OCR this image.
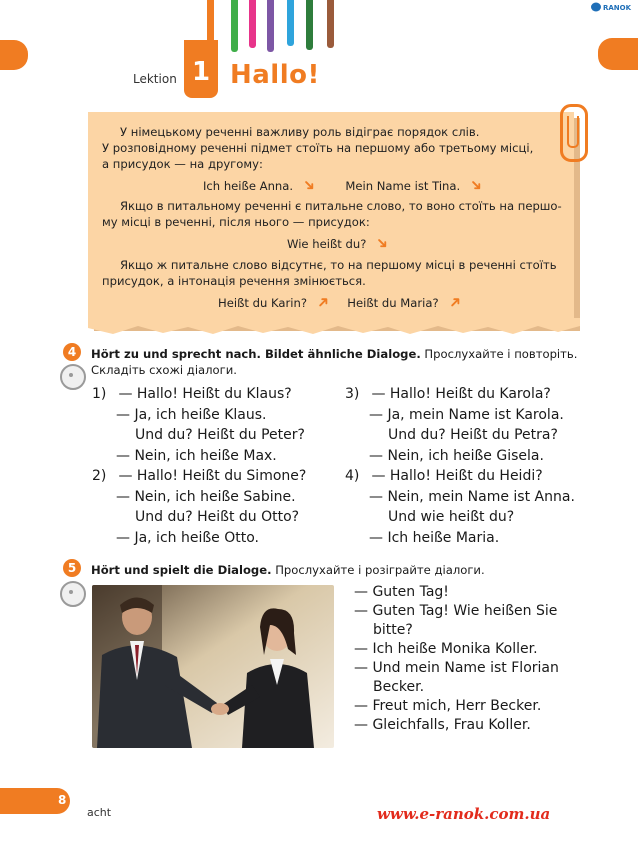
RANOK
Lektion 1 Hallo!
У німецькому реченні важливу роль відіграє порядок слів.
У розповідному реченні підмет стоїть на першому або третьому місці,
а присудок — на другому:
Ich heiße Anna. ➜ Mein Name ist Tina. ➜
Якщо в питальному реченні є питальне слово, то воно стоїть на першо-
му місці в реченні, після нього — присудок:
Wie heißt du? ➜
Якщо ж питальне слово відсутнє, то на першому місці в реченні стоїть
присудок, а інтонація речення змінюється.
Heißt du Karin? ➜ Heißt du Maria? ➜
4	Hört zu und sprecht nach. Bildet ähnliche Dialoge. Прослухайте і повторіть.
Складіть схожі діалоги.
1) — Hallo! Heißt du Klaus?
— Ja, ich heiße Klaus.
Und du? Heißt du Peter?
— Nein, ich heiße Max.
2) — Hallo! Heißt du Simone?
— Nein, ich heiße Sabine.
Und du? Heißt du Otto?
— Ja, ich heiße Otto.
3) — Hallo! Heißt du Karola?
— Ja, mein Name ist Karola.
Und du? Heißt du Petra?
— Nein, ich heiße Gisela.
4) — Hallo! Heißt du Heidi?
— Nein, mein Name ist Anna.
Und wie heißt du?
— Ich heiße Maria.
5	Hört und spielt die Dialoge. Прослухайте і розіграйте діалоги.
— Guten Tag!
— Guten Tag! Wie heißen Sie
bitte?
— Ich heiße Monika Koller.
— Und mein Name ist Florian
Becker.
— Freut mich, Herr Becker.
— Gleichfalls, Frau Koller.
8
acht	www.e-ranok.com.ua
